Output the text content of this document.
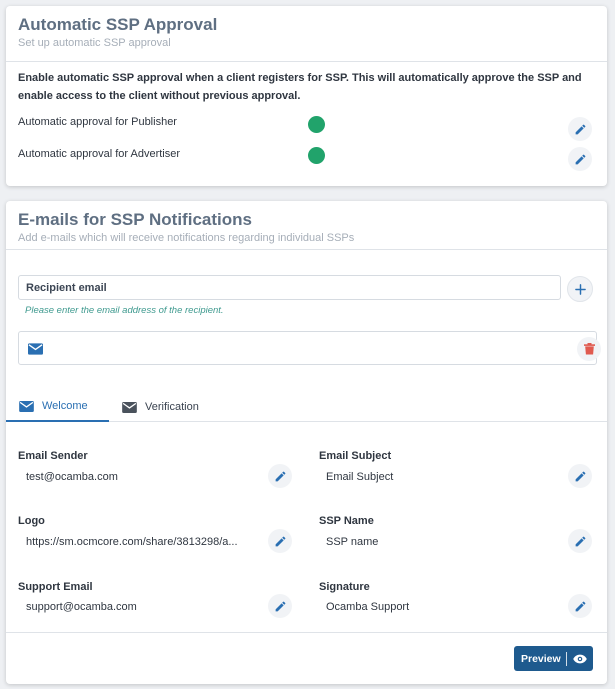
Automatic SSP Approval
Set up automatic SSP approval
Enable automatic SSP approval when a client registers for SSP. This will automatically approve the SSP and enable access to the client without previous approval.
Automatic approval for Publisher
Automatic approval for Advertiser
E-mails for SSP Notifications
Add e-mails which will receive notifications regarding individual SSPs
Recipient email
Please enter the email address of the recipient.
Welcome	Verification
Email Sender
test@ocamba.com
Email Subject
Email Subject
Logo
https://sm.ocmcore.com/share/3813298/a...
SSP Name
SSP name
Support Email
support@ocamba.com
Signature
Ocamba Support
Preview
